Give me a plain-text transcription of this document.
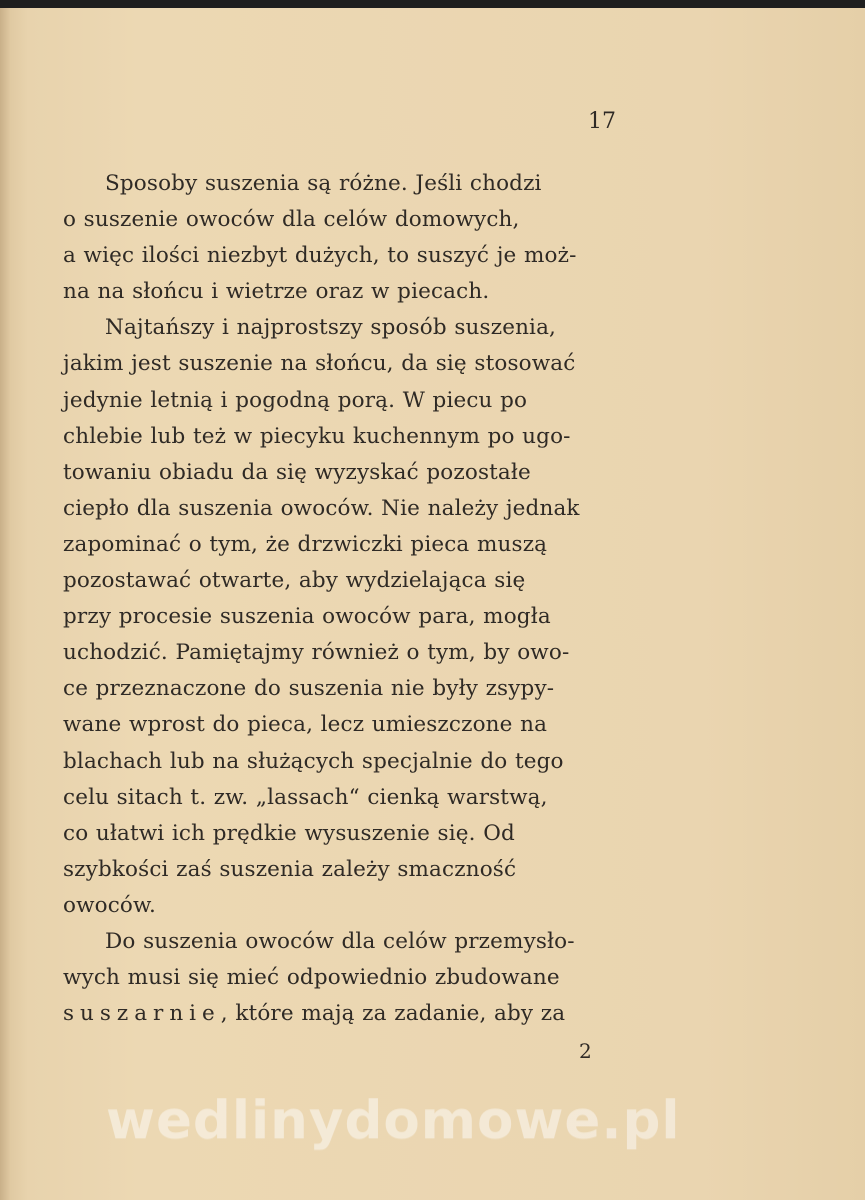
17

Sposoby suszenia są różne. Jeśli chodzi
o suszenie owoców dla celów domowych,
a więc ilości niezbyt dużych, to suszyć je moż-
na na słońcu i wietrze oraz w piecach.

Najtańszy i najprostszy sposób suszenia,
jakim jest suszenie na słońcu, da się stosować
jedynie letnią i pogodną porą. W piecu po
chlebie lub też w piecyku kuchennym po ugo-
towaniu obiadu da się wyzyskać pozostałe
ciepło dla suszenia owoców. Nie należy jednak
zapominać o tym, że drzwiczki pieca muszą
pozostawać otwarte, aby wydzielająca się
przy procesie suszenia owoców para, mogła
uchodzić. Pamiętajmy również o tym, by owo-
ce przeznaczone do suszenia nie były zsypy-
wane wprost do pieca, lecz umieszczone na
blachach lub na służących specjalnie do tego
celu sitach t. zw. „lassach“ cienką warstwą,
co ułatwi ich prędkie wysuszenie się. Od
szybkości zaś suszenia zależy smaczność
owoców.

Do suszenia owoców dla celów przemysło-
wych musi się mieć odpowiednio zbudowane
suszarnie, które mają za zadanie, aby za

2
wedlinydomowe.pl
